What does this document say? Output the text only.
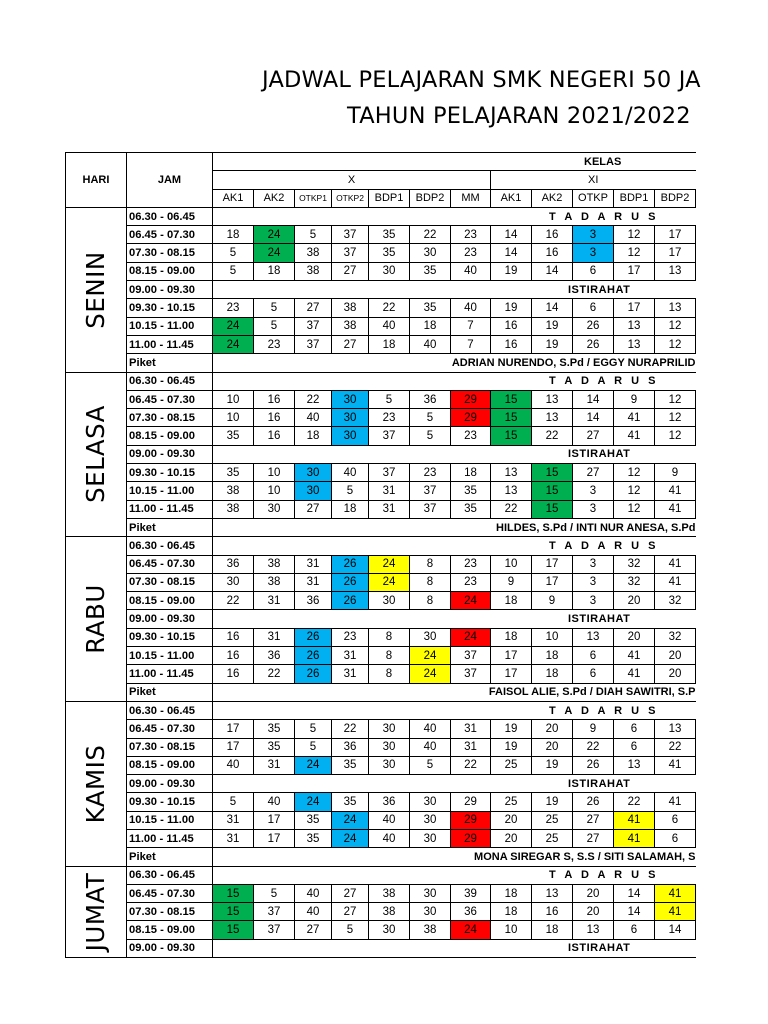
JADWAL PELAJARAN SMK NEGERI 50 JA
TAHUN PELAJARAN 2021/2022
HARI	JAM	KELAS											
		X							XI				
		AK1	AK2	OTKP1	OTKP2	BDP1	BDP2	MM	AK1	AK2	OTKP	BDP1	BDP2

SENIN	06.30 - 06.45	T A D A R U S											
	06.45 - 07.30	18	24	5	37	35	22	23	14	16	3	12	17
	07.30 - 08.15	5	24	38	37	35	30	23	14	16	3	12	17
	08.15 - 09.00	5	18	38	27	30	35	40	19	14	6	17	13
	09.00 - 09.30	ISTIRAHAT											
	09.30 - 10.15	23	5	27	38	22	35	40	19	14	6	17	13
	10.15 - 11.00	24	5	37	38	40	18	7	16	19	26	13	12
	11.00 - 11.45	24	23	37	27	18	40	7	16	19	26	13	12
	Piket	ADRIAN NURENDO, S.Pd / EGGY NURAPRILID											

SELASA	06.30 - 06.45	T A D A R U S											
	06.45 - 07.30	10	16	22	30	5	36	29	15	13	14	9	12
	07.30 - 08.15	10	16	40	30	23	5	29	15	13	14	41	12
	08.15 - 09.00	35	16	18	30	37	5	23	15	22	27	41	12
	09.00 - 09.30	ISTIRAHAT											
	09.30 - 10.15	35	10	30	40	37	23	18	13	15	27	12	9
	10.15 - 11.00	38	10	30	5	31	37	35	13	15	3	12	41
	11.00 - 11.45	38	30	27	18	31	37	35	22	15	3	12	41
	Piket	HILDES, S.Pd / INTI NUR ANESA, S.Pd											

RABU	06.30 - 06.45	T A D A R U S											
	06.45 - 07.30	36	38	31	26	24	8	23	10	17	3	32	41
	07.30 - 08.15	30	38	31	26	24	8	23	9	17	3	32	41
	08.15 - 09.00	22	31	36	26	30	8	24	18	9	3	20	32
	09.00 - 09.30	ISTIRAHAT											
	09.30 - 10.15	16	31	26	23	8	30	24	18	10	13	20	32
	10.15 - 11.00	16	36	26	31	8	24	37	17	18	6	41	20
	11.00 - 11.45	16	22	26	31	8	24	37	17	18	6	41	20
	Piket	FAISOL ALIE, S.Pd / DIAH SAWITRI, S.P											

KAMIS	06.30 - 06.45	T A D A R U S											
	06.45 - 07.30	17	35	5	22	30	40	31	19	20	9	6	13
	07.30 - 08.15	17	35	5	36	30	40	31	19	20	22	6	22
	08.15 - 09.00	40	31	24	35	30	5	22	25	19	26	13	41
	09.00 - 09.30	ISTIRAHAT											
	09.30 - 10.15	5	40	24	35	36	30	29	25	19	26	22	41
	10.15 - 11.00	31	17	35	24	40	30	29	20	25	27	41	6
	11.00 - 11.45	31	17	35	24	40	30	29	20	25	27	41	6
	Piket	MONA SIREGAR S, S.S / SITI SALAMAH, S											

JUMAT	06.30 - 06.45	T A D A R U S											
	06.45 - 07.30	15	5	40	27	38	30	39	18	13	20	14	41
	07.30 - 08.15	15	37	40	27	38	30	36	18	16	20	14	41
	08.15 - 09.00	15	37	27	5	30	38	24	10	18	13	6	14
	09.00 - 09.30	ISTIRAHAT											
